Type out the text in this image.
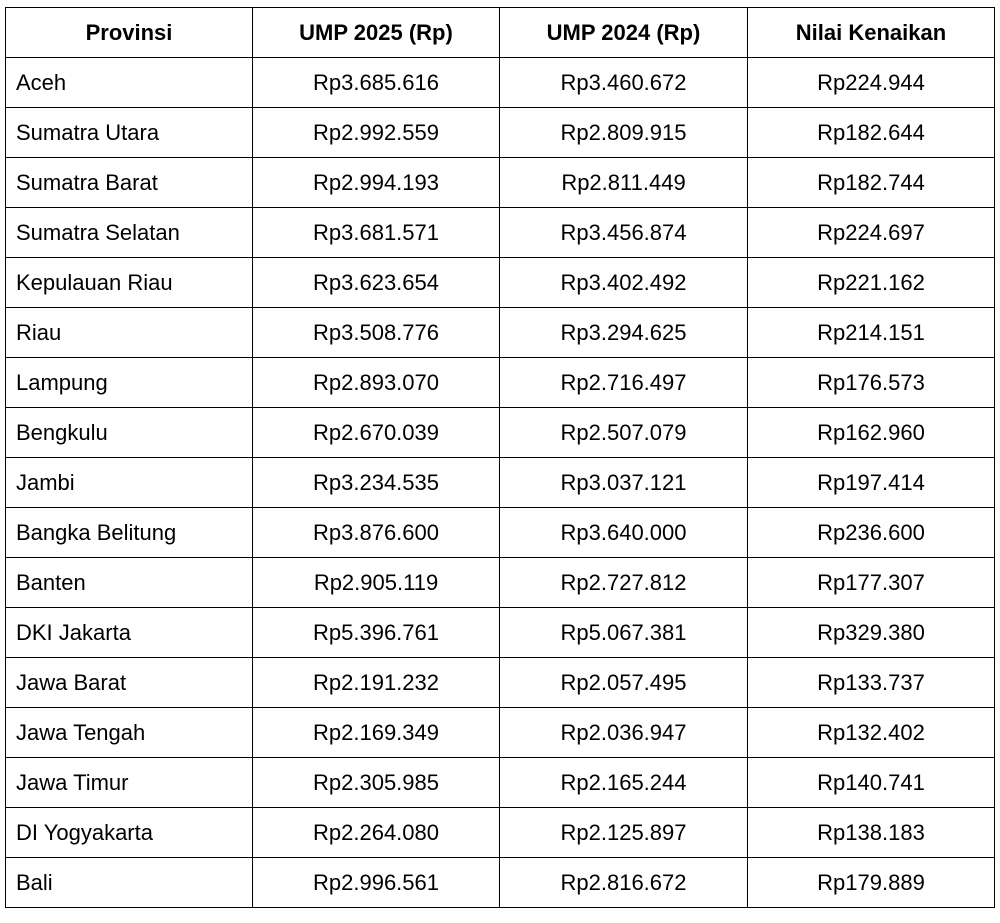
Provinsi	UMP 2025 (Rp)	UMP 2024 (Rp)	Nilai Kenaikan
Aceh	Rp3.685.616	Rp3.460.672	Rp224.944
Sumatra Utara	Rp2.992.559	Rp2.809.915	Rp182.644
Sumatra Barat	Rp2.994.193	Rp2.811.449	Rp182.744
Sumatra Selatan	Rp3.681.571	Rp3.456.874	Rp224.697
Kepulauan Riau	Rp3.623.654	Rp3.402.492	Rp221.162
Riau	Rp3.508.776	Rp3.294.625	Rp214.151
Lampung	Rp2.893.070	Rp2.716.497	Rp176.573
Bengkulu	Rp2.670.039	Rp2.507.079	Rp162.960
Jambi	Rp3.234.535	Rp3.037.121	Rp197.414
Bangka Belitung	Rp3.876.600	Rp3.640.000	Rp236.600
Banten	Rp2.905.119	Rp2.727.812	Rp177.307
DKI Jakarta	Rp5.396.761	Rp5.067.381	Rp329.380
Jawa Barat	Rp2.191.232	Rp2.057.495	Rp133.737
Jawa Tengah	Rp2.169.349	Rp2.036.947	Rp132.402
Jawa Timur	Rp2.305.985	Rp2.165.244	Rp140.741
DI Yogyakarta	Rp2.264.080	Rp2.125.897	Rp138.183
Bali	Rp2.996.561	Rp2.816.672	Rp179.889
